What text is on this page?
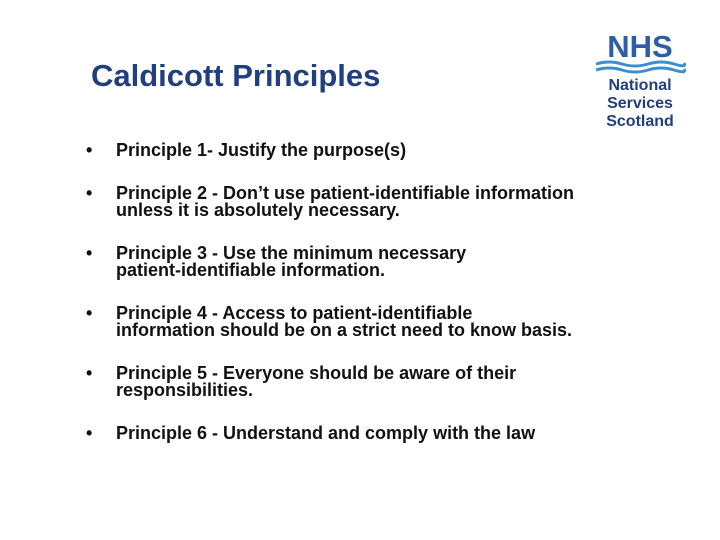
Caldicott Principles
NHS
National
Services
Scotland
•	Principle 1- Justify the purpose(s)
•	Principle 2 - Don’t use patient-identifiable information
unless it is absolutely necessary.
•	Principle 3 - Use the minimum necessary
patient-identifiable information.
•	Principle 4 - Access to patient-identifiable
information should be on a strict need to know basis.
•	Principle 5 - Everyone should be aware of their
responsibilities.
•	Principle 6 - Understand and comply with the law
